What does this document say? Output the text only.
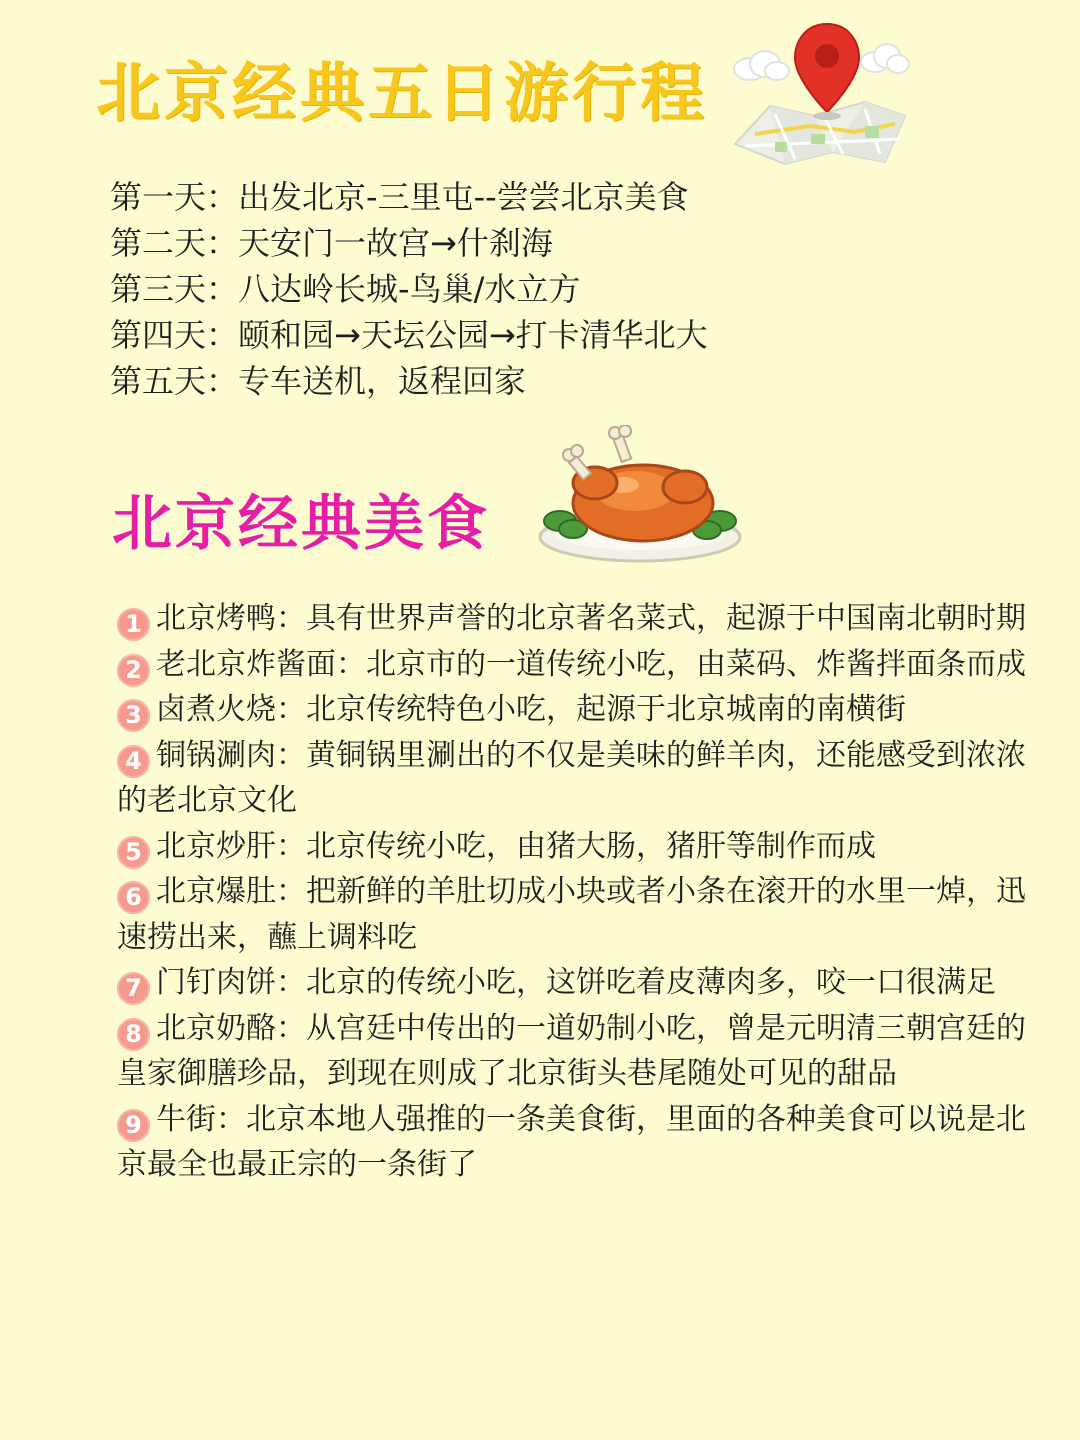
北京经典五日游行程
第一天：出发北京-三里屯--尝尝北京美食
第二天：天安门一故宫→什刹海
第三天：八达岭长城-鸟巢/水立方
第四天：颐和园→天坛公园→打卡清华北大
第五天：专车送机，返程回家
北京经典美食
1 北京烤鸭：具有世界声誉的北京著名菜式，起源于中国南北朝时期
2 老北京炸酱面：北京市的一道传统小吃，由菜码、炸酱拌面条而成
3 卤煮火烧：北京传统特色小吃，起源于北京城南的南横街
4 铜锅涮肉：黄铜锅里涮出的不仅是美味的鲜羊肉，还能感受到浓浓的老北京文化
5 北京炒肝：北京传统小吃，由猪大肠，猪肝等制作而成
6 北京爆肚：把新鲜的羊肚切成小块或者小条在滚开的水里一焯，迅速捞出来，蘸上调料吃
7 门钉肉饼：北京的传统小吃，这饼吃着皮薄肉多，咬一口很满足
8 北京奶酪：从宫廷中传出的一道奶制小吃，曾是元明清三朝宫廷的皇家御膳珍品，到现在则成了北京街头巷尾随处可见的甜品
9 牛街：北京本地人强推的一条美食街，里面的各种美食可以说是北京最全也最正宗的一条街了
